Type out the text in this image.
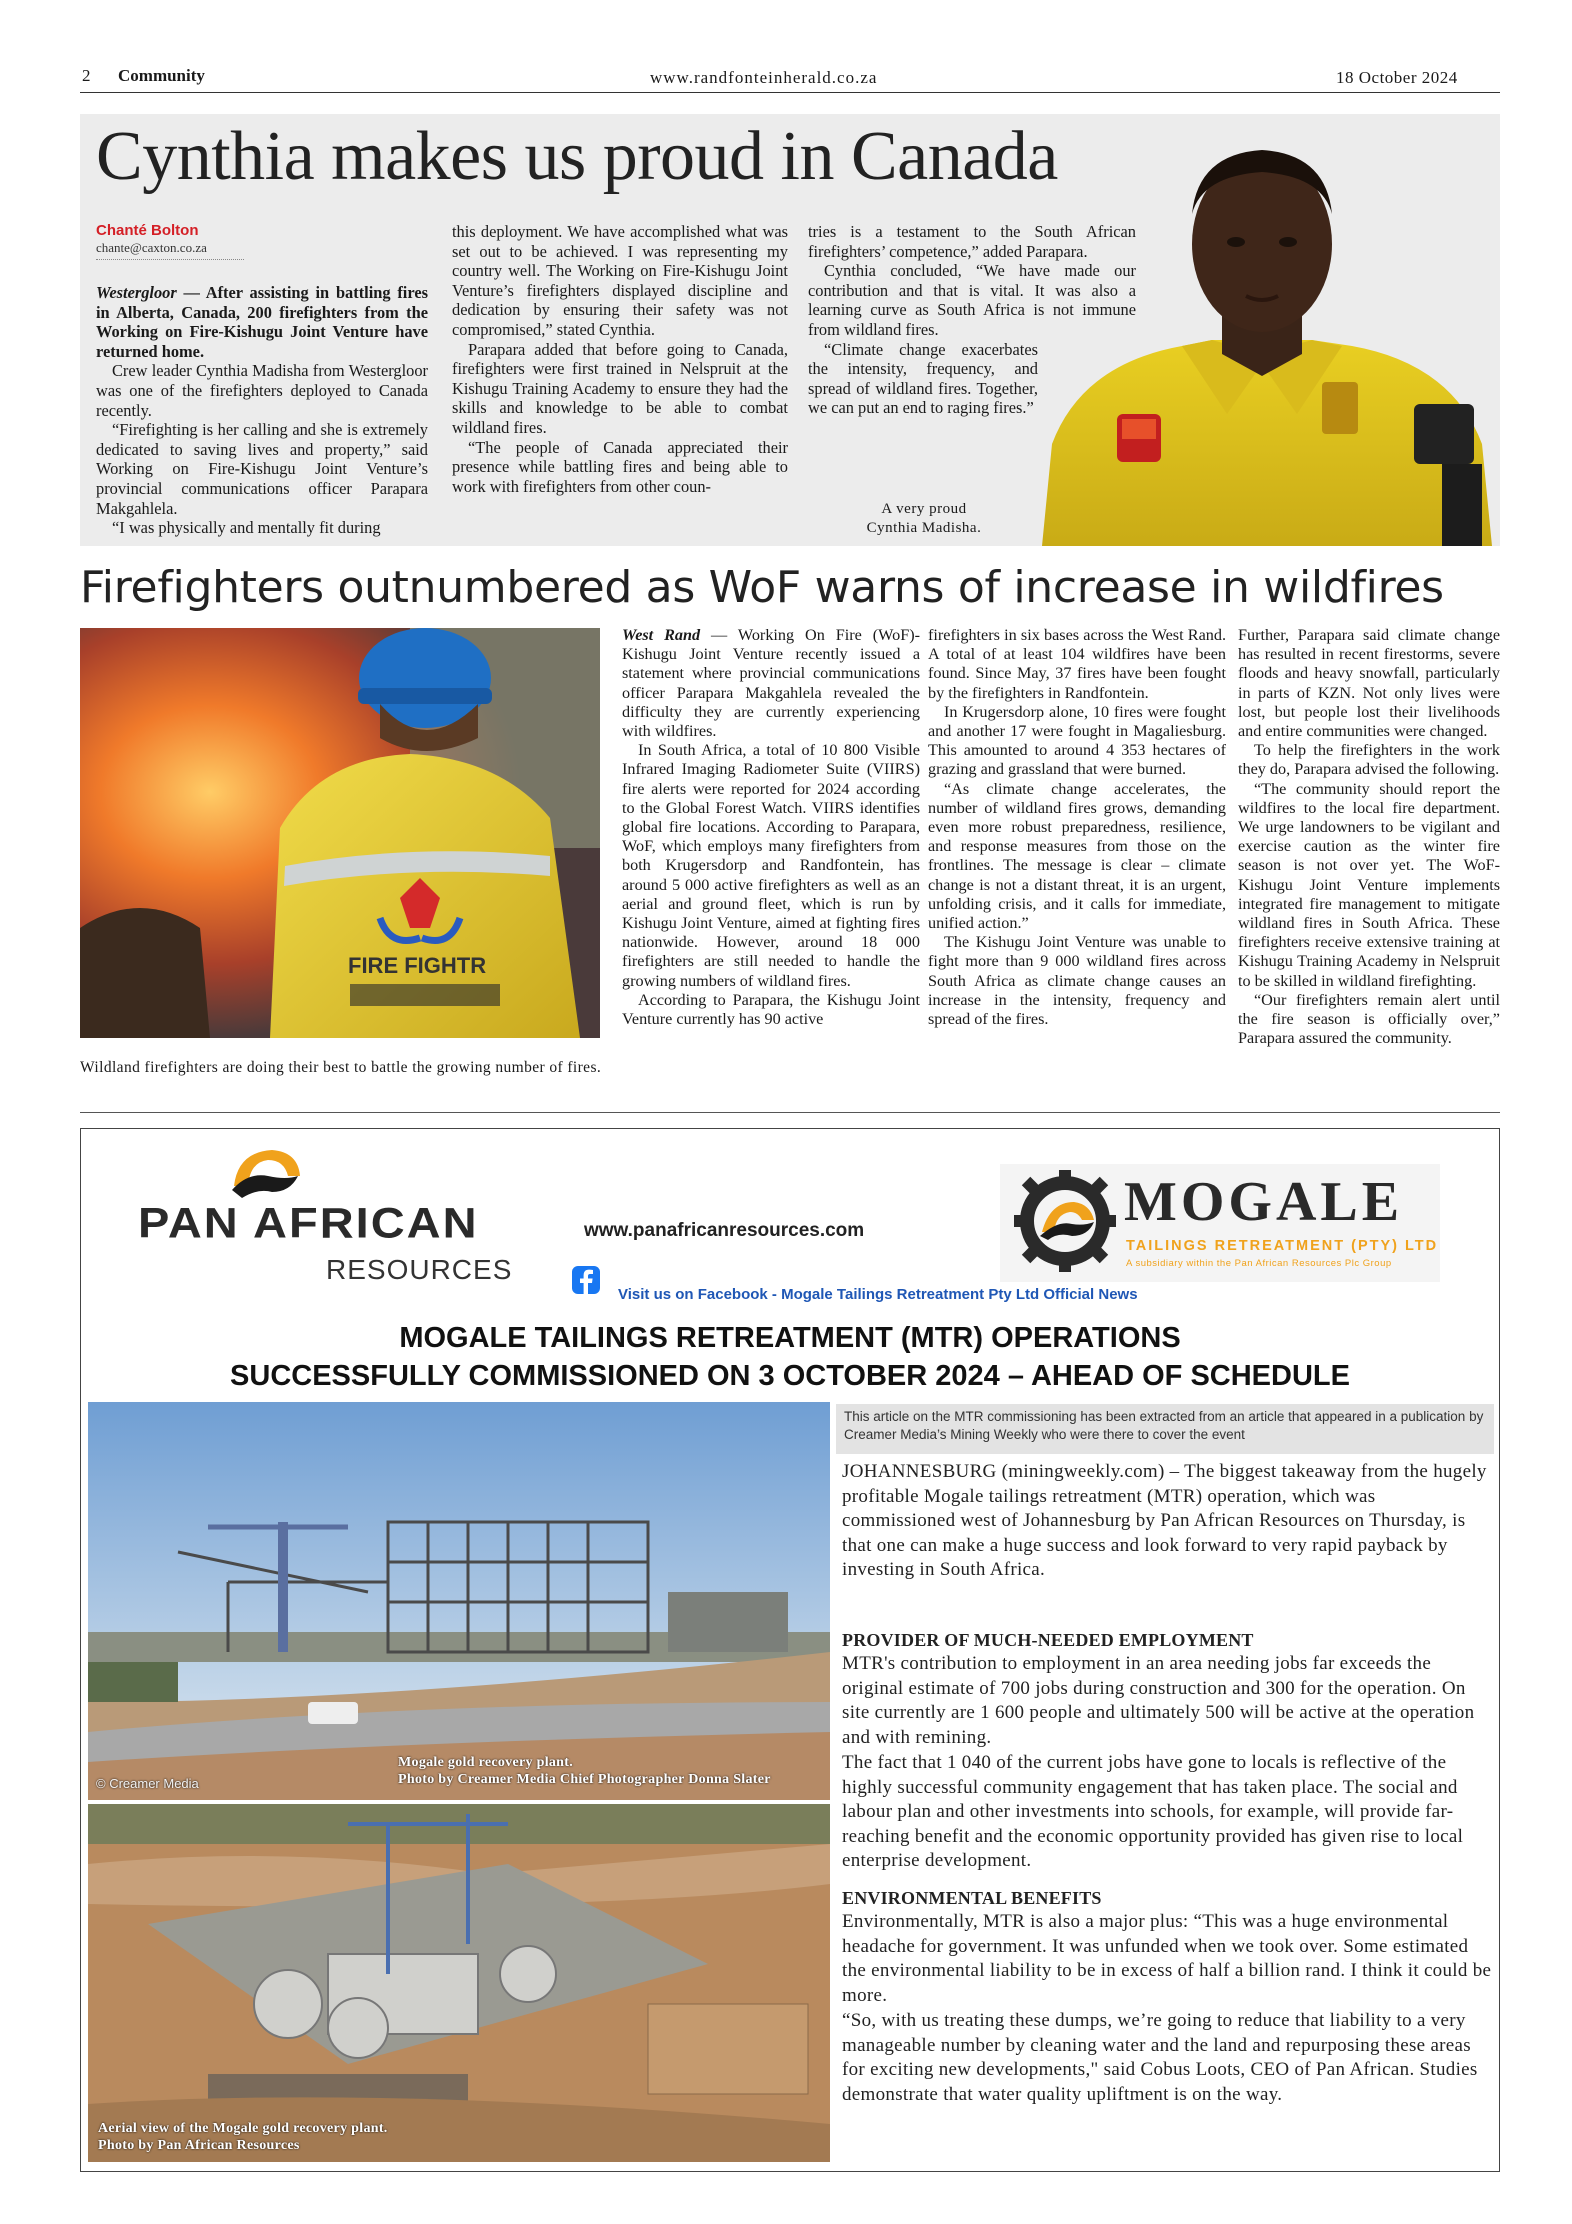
2 Community	www.randfonteinherald.co.za	18 October 2024
Cynthia makes us proud in Canada
Chanté Bolton
chante@caxton.co.za

Westergloor — After assisting in battling fires in Alberta, Canada, 200 firefighters from the Working on Fire-Kishugu Joint Venture have returned home.

Crew leader Cynthia Madisha from Westergloor was one of the firefighters deployed to Canada recently.

“Firefighting is her calling and she is extremely dedicated to saving lives and property,” said Working on Fire-Kishugu Joint Venture’s provincial communications officer Parapara Makgahlela.

“I was physically and mentally fit during

this deployment. We have accomplished what was set out to be achieved. I was representing my country well. The Working on Fire-Kishugu Joint Venture’s firefighters displayed discipline and dedication by ensuring their safety was not compromised,” stated Cynthia.

Parapara added that before going to Canada, firefighters were first trained in Nelspruit at the Kishugu Training Academy to ensure they had the skills and knowledge to be able to combat wildland fires.

“The people of Canada appreciated their presence while battling fires and being able to work with firefighters from other coun-

tries is a testament to the South African firefighters’ competence,” added Parapara.

Cynthia concluded, “We have made our contribution and that is vital. It was also a learning curve as South Africa is not immune from wildland fires.

“Climate change exacerbates the intensity, frequency, and spread of wildland fires. Together, we can put an end to raging fires.”

A very proud Cynthia Madisha.
Firefighters outnumbered as WoF warns of increase in wildfires
FIRE FIGHTR
Wildland firefighters are doing their best to battle the growing number of fires.

West Rand — Working On Fire (WoF)-Kishugu Joint Venture recently issued a statement where provincial communications officer Parapara Makgahlela revealed the difficulty they are currently experiencing with wildfires.

In South Africa, a total of 10 800 Visible Infrared Imaging Radiometer Suite (VIIRS) fire alerts were reported for 2024 according to the Global Forest Watch. VIIRS identifies global fire locations. According to Parapara, WoF, which employs many firefighters from both Krugersdorp and Randfontein, has around 5 000 active firefighters as well as an aerial and ground fleet, which is run by Kishugu Joint Venture, aimed at fighting fires nationwide. However, around 18 000 firefighters are still needed to handle the growing numbers of wildland fires.

According to Parapara, the Kishugu Joint Venture currently has 90 active

firefighters in six bases across the West Rand. A total of at least 104 wildfires have been found. Since May, 37 fires have been fought by the firefighters in Randfontein.

In Krugersdorp alone, 10 fires were fought and another 17 were fought in Magaliesburg. This amounted to around 4 353 hectares of grazing and grassland that were burned.

“As climate change accelerates, the number of wildland fires grows, demanding even more robust preparedness, resilience, and response measures from those on the frontlines. The message is clear – climate change is not a distant threat, it is an urgent, unfolding crisis, and it calls for immediate, unified action.”

The Kishugu Joint Venture was unable to fight more than 9 000 wildland fires across South Africa as climate change causes an increase in the intensity, frequency and spread of the fires.

Further, Parapara said climate change has resulted in recent firestorms, severe floods and heavy snowfall, particularly in parts of KZN. Not only lives were lost, but people lost their livelihoods and entire communities were changed.

To help the firefighters in the work they do, Parapara advised the following.

“The community should report the wildfires to the local fire department. We urge landowners to be vigilant and exercise caution as the winter fire season is not over yet. The WoF-Kishugu Joint Venture implements integrated fire management to mitigate wildland fires in South Africa. These firefighters receive extensive training at Kishugu Training Academy in Nelspruit to be skilled in wildland firefighting.

“Our firefighters remain alert until the fire season is officially over,” Parapara assured the community.

PAN AFRICAN
RESOURCES
www.panafricanresources.com
Visit us on Facebook - Mogale Tailings Retreatment Pty Ltd Official News
MOGALE
TAILINGS RETREATMENT (PTY) LTD
A subsidiary within the Pan African Resources Plc Group
MOGALE TAILINGS RETREATMENT (MTR) OPERATIONS
SUCCESSFULLY COMMISSIONED ON 3 OCTOBER 2024 – AHEAD OF SCHEDULE
© Creamer Media
Mogale gold recovery plant.
Photo by Creamer Media Chief Photographer Donna Slater
Aerial view of the Mogale gold recovery plant.
Photo by Pan African Resources
This article on the MTR commissioning has been extracted from an article that appeared in a publication by Creamer Media’s Mining Weekly who were there to cover the event
JOHANNESBURG (miningweekly.com) – The biggest takeaway from the hugely profitable Mogale tailings retreatment (MTR) operation, which was commissioned west of Johannesburg by Pan African Resources on Thursday, is that one can make a huge success and look forward to very rapid payback by investing in South Africa.
PROVIDER OF MUCH-NEEDED EMPLOYMENT
MTR's contribution to employment in an area needing jobs far exceeds the original estimate of 700 jobs during construction and 300 for the operation. On site currently are 1 600 people and ultimately 500 will be active at the operation and with remining.
The fact that 1 040 of the current jobs have gone to locals is reflective of the highly successful community engagement that has taken place. The social and labour plan and other investments into schools, for example, will provide far-reaching benefit and the economic opportunity provided has given rise to local enterprise development.
ENVIRONMENTAL BENEFITS
Environmentally, MTR is also a major plus: “This was a huge environmental headache for government. It was unfunded when we took over. Some estimated the environmental liability to be in excess of half a billion rand. I think it could be more.
“So, with us treating these dumps, we’re going to reduce that liability to a very manageable number by cleaning water and the land and repurposing these areas for exciting new developments," said Cobus Loots, CEO of Pan African. Studies demonstrate that water quality upliftment is on the way.
